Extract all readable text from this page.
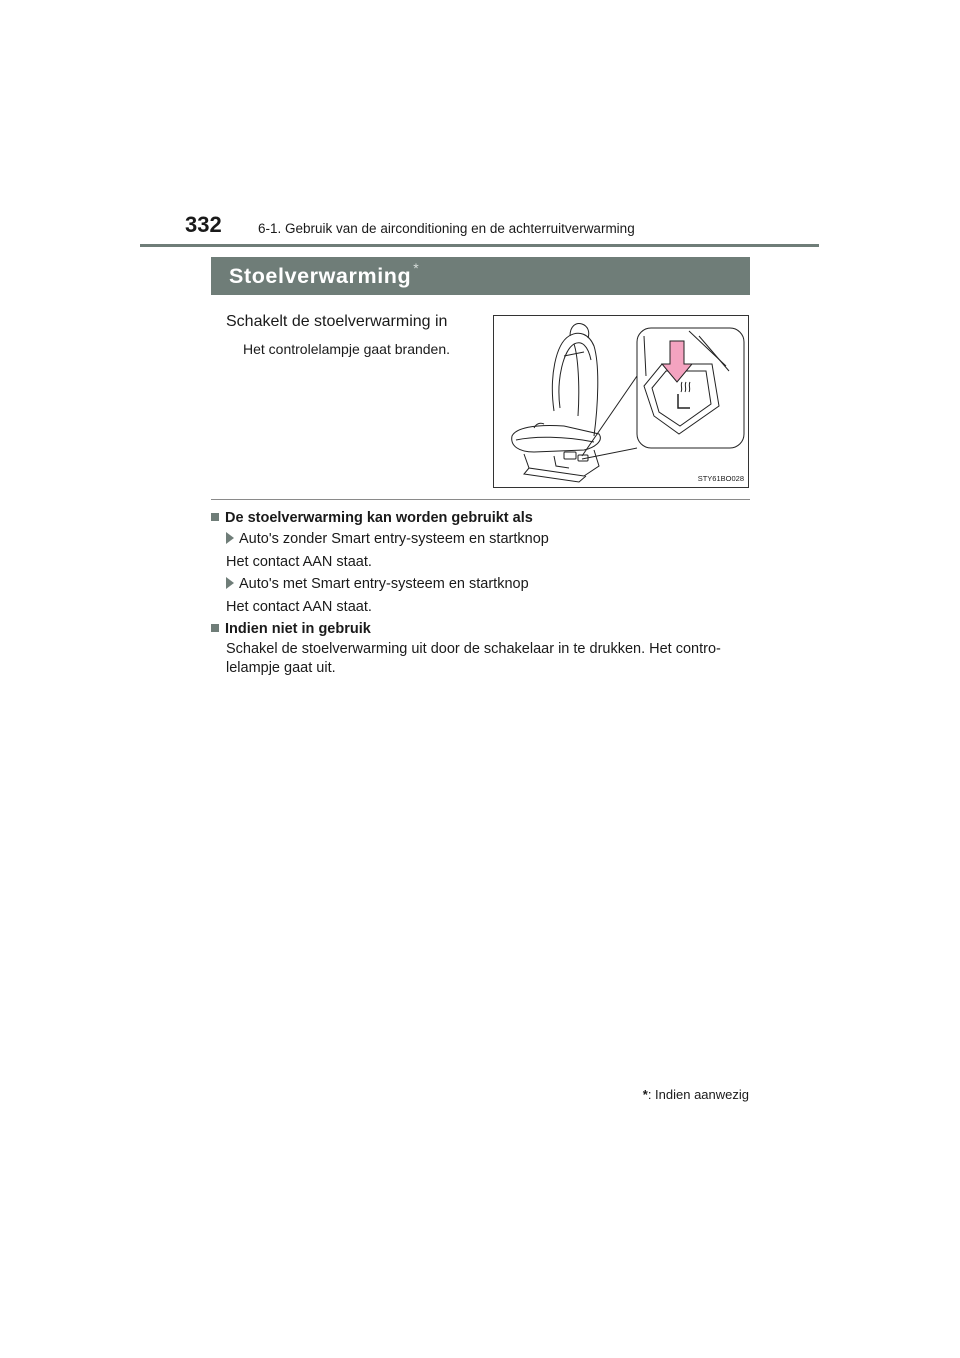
332	6-1. Gebruik van de airconditioning en de achterruitverwarming
Stoelverwarming *
Schakelt de stoelverwarming in
Het controlelampje gaat branden.
STY61BO028
De stoelverwarming kan worden gebruikt als
Auto's zonder Smart entry-systeem en startknop
Het contact AAN staat.
Auto's met Smart entry-systeem en startknop
Het contact AAN staat.
Indien niet in gebruik
Schakel de stoelverwarming uit door de schakelaar in te drukken. Het contro-
lelampje gaat uit.
*: Indien aanwezig
